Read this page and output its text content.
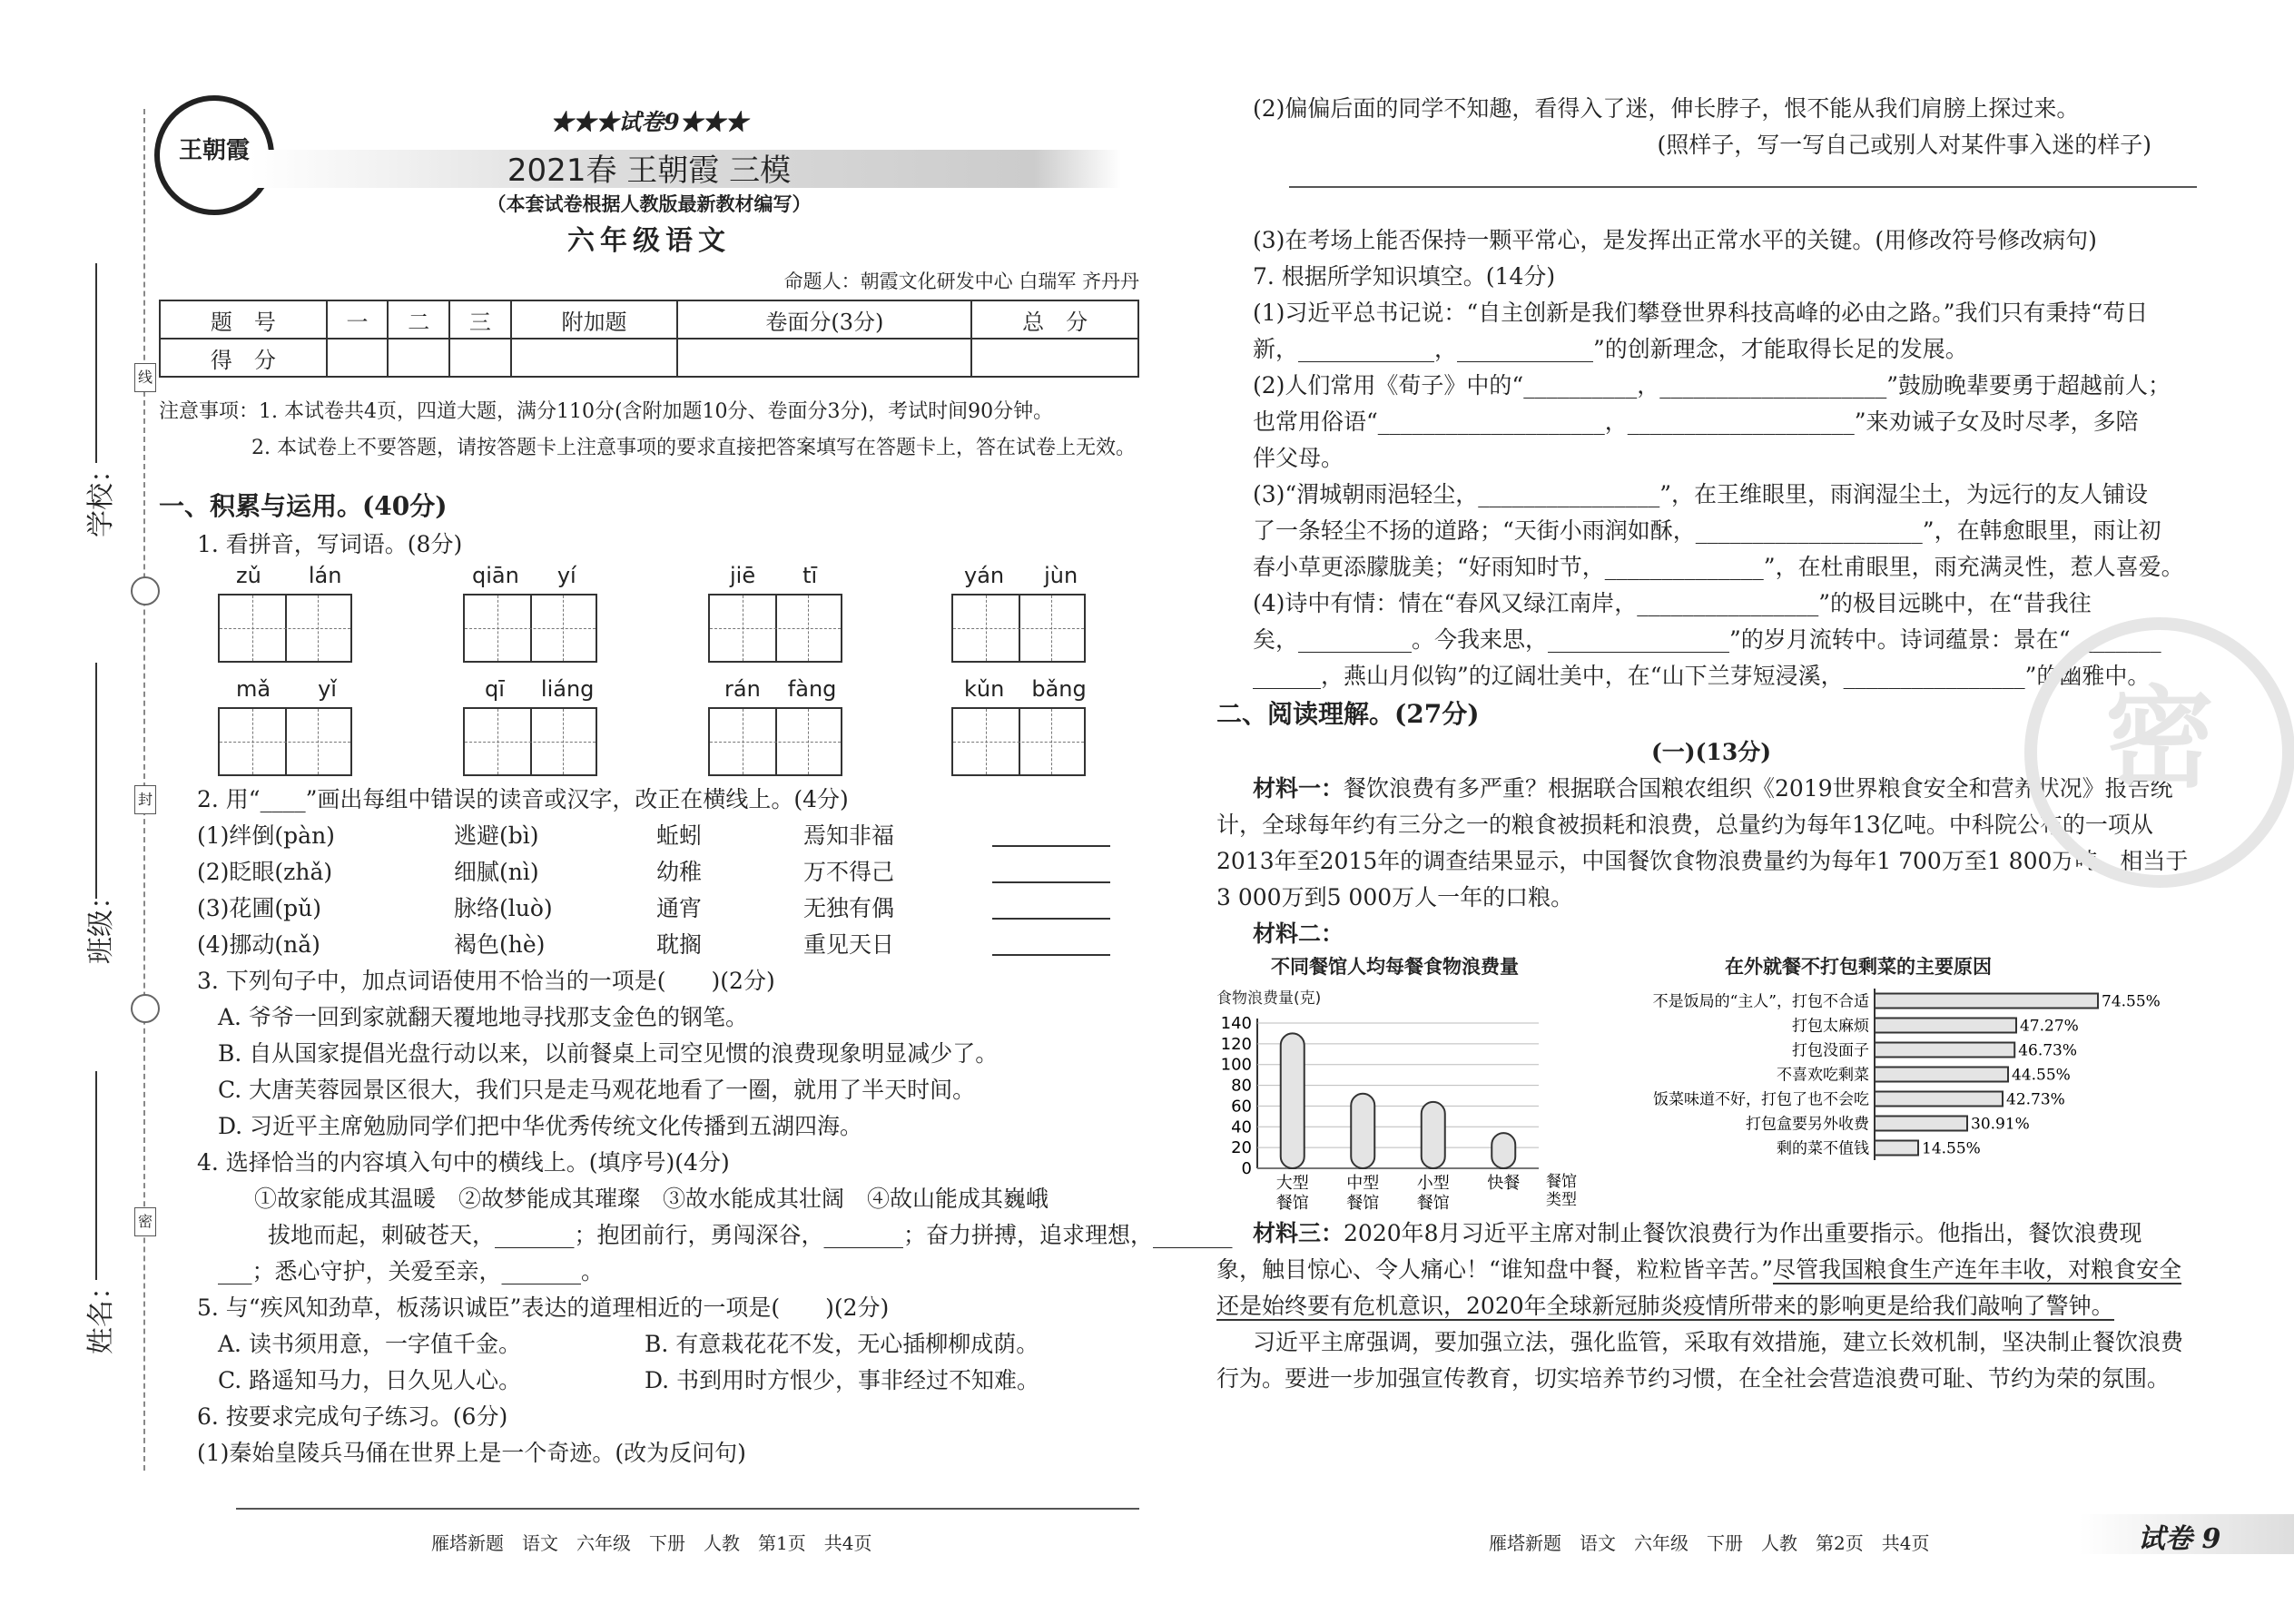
线
封
密
学校：
班级：
姓名：
王朝霞

★★★试卷9★★★

2021春 王朝霞 三模

（本套试卷根据人教版最新教材编写）

六年级语文

命题人：朝霞文化研发中心 白瑞军 齐丹丹

题　号	一	二	三	附加题	卷面分(3分)	总　分
得　分						

注意事项：1. 本试卷共4页，四道大题，满分110分(含附加题10分、卷面分3分)，考试时间90分钟。

2. 本试卷上不要答题，请按答题卡上注意事项的要求直接把答案填写在答题卡上，答在试卷上无效。

一、积累与运用。(40分)

1. 看拼音，写词语。(8分)

zǔ lán	qiān yí	jiē tī	yán jùn
mǎ yǐ	qī liáng	rán fàng	kǔn bǎng

2. 用“____”画出每组中错误的读音或汉字，改正在横线上。(4分)

(1)绊倒(pàn)	逃避(bì)	蚯蚓	焉知非福
(2)眨眼(zhǎ)	细腻(nì)	幼稚	万不得己
(3)花圃(pǔ)	脉络(luò)	通宵	无独有偶
(4)挪动(nǎ)	褐色(hè)	耽搁	重见天日

3. 下列句子中，加点词语使用不恰当的一项是(　　)(2分)

A. 爷爷一回到家就翻天覆地地寻找那支金色的钢笔。

B. 自从国家提倡光盘行动以来，以前餐桌上司空见惯的浪费现象明显减少了。

C. 大唐芙蓉园景区很大，我们只是走马观花地看了一圈，就用了半天时间。

D. 习近平主席勉励同学们把中华优秀传统文化传播到五湖四海。

4. 选择恰当的内容填入句中的横线上。(填序号)(4分)

①故家能成其温暖　②故梦能成其璀璨　③故水能成其壮阔　④故山能成其巍峨

拔地而起，刺破苍天，_______；抱团前行，勇闯深谷，_______；奋力拼搏，追求理想，_______

___；悉心守护，关爱至亲，_______。

5. 与“疾风知劲草，板荡识诚臣”表达的道理相近的一项是(　　)(2分)

A. 读书须用意，一字值千金。	B. 有意栽花花不发，无心插柳柳成荫。
C. 路遥知马力，日久见人心。	D. 书到用时方恨少，事非经过不知难。

6. 按要求完成句子练习。(6分)

(1)秦始皇陵兵马俑在世界上是一个奇迹。(改为反问句)

(2)偏偏后面的同学不知趣，看得入了迷，伸长脖子，恨不能从我们肩膀上探过来。

(照样子，写一写自己或别人对某件事入迷的样子)

(3)在考场上能否保持一颗平常心，是发挥出正常水平的关键。(用修改符号修改病句)

7. 根据所学知识填空。(14分)

(1)习近平总书记说：“自主创新是我们攀登世界科技高峰的必由之路。”我们只有秉持“苟日

新，____________，____________”的创新理念，才能取得长足的发展。

(2)人们常用《荀子》中的“__________，____________________”鼓励晚辈要勇于超越前人；

也常用俗语“____________________，____________________”来劝诫子女及时尽孝，多陪

伴父母。

(3)“渭城朝雨浥轻尘，________________”，在王维眼里，雨润湿尘土，为远行的友人铺设

了一条轻尘不扬的道路；“天街小雨润如酥，____________________”，在韩愈眼里，雨让初

春小草更添朦胧美；“好雨知时节，______________”，在杜甫眼里，雨充满灵性，惹人喜爱。

(4)诗中有情：情在“春风又绿江南岸，________________”的极目远眺中，在“昔我往

矣，__________。今我来思，________________”的岁月流转中。诗词蕴景：景在“________

______，燕山月似钩”的辽阔壮美中，在“山下兰芽短浸溪，________________”的幽雅中。

二、阅读理解。(27分)

(一)(13分)

材料一：餐饮浪费有多严重？根据联合国粮农组织《2019世界粮食安全和营养状况》报告统

计，全球每年约有三分之一的粮食被损耗和浪费，总量约为每年13亿吨。中科院公布的一项从

2013年至2015年的调查结果显示，中国餐饮食物浪费量约为每年1 700万至1 800万吨，相当于

3 000万到5 000万人一年的口粮。

材料二：

不同餐馆人均每餐食物浪费量
食物浪费量(克)
0
20
40
60
80
100
120
140
大型
餐馆
中型
餐馆
小型
餐馆
快餐 餐馆
类型
在外就餐不打包剩菜的主要原因
不是饭局的“主人”，打包不合适	74.55%
打包太麻烦	47.27%
打包没面子	46.73%
不喜欢吃剩菜	44.55%
饭菜味道不好，打包了也不会吃	42.73%
打包盒要另外收费	30.91%
剩的菜不值钱	14.55%

材料三：2020年8月习近平主席对制止餐饮浪费行为作出重要指示。他指出，餐饮浪费现

象，触目惊心、令人痛心！“谁知盘中餐，粒粒皆辛苦。”尽管我国粮食生产连年丰收，对粮食安全

还是始终要有危机意识，2020年全球新冠肺炎疫情所带来的影响更是给我们敲响了警钟。

习近平主席强调，要加强立法，强化监管，采取有效措施，建立长效机制，坚决制止餐饮浪费

行为。要进一步加强宣传教育，切实培养节约习惯，在全社会营造浪费可耻、节约为荣的氛围。

密
雁塔新题　语文　六年级　下册　人教　第1页　共4页	雁塔新题　语文　六年级　下册　人教　第2页　共4页	试卷 9
